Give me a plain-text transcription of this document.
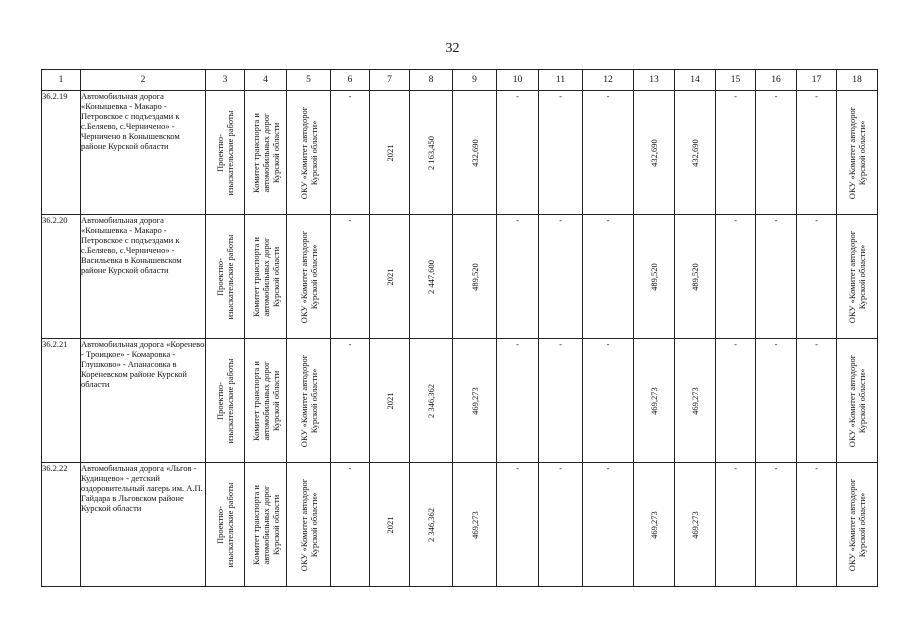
32
1	2	3	4	5	6	7	8	9	10	11	12	13	14	15	16	17	18
36.2.19	Автомобильная дорога «Конышевка - Макаро - Петровское с подъездами к с.Беляево, с.Черничено» - Черничено в Конышевском районе Курской области	Проектно-изыскательские работы	Комитет транспорта и автомобильных дорог Курской области	ОКУ «Комитет автодорог Курской области»	-	2021	2 163,450	432,690	-	-	-	432,690	432,690	-	-	-	ОКУ «Комитет автодорог Курской области»

36.2.20	Автомобильная дорога «Конышевка - Макаро - Петровское с подъездами к с.Беляево, с.Черничено» - Васильевка в Конышевском районе Курской области	Проектно-изыскательские работы	Комитет транспорта и автомобильных дорог Курской области	ОКУ «Комитет автодорог Курской области»	-	2021	2 447,600	489,520	-	-	-	489,520	489,520	-	-	-	ОКУ «Комитет автодорог Курской области»

36.2.21	Автомобильная дорога «Коренево - Троицкое» - Комаровка - Глушково» - Апанасовка в Кореневском районе Курской области	Проектно-изыскательские работы	Комитет транспорта и автомобильных дорог Курской области	ОКУ «Комитет автодорог Курской области»	-	2021	2 346,362	469,273	-	-	-	469,273	469,273	-	-	-	ОКУ «Комитет автодорог Курской области»

36.2.22	Автомобильная дорога «Льгов - Кудинцево» - детский оздоровительный лагерь им. А.П. Гайдара в Льговском районе Курской области	Проектно-изыскательские работы	Комитет транспорта и автомобильных дорог Курской области	ОКУ «Комитет автодорог Курской области»	-	2021	2 346,362	469,273	-	-	-	469,273	469,273	-	-	-	ОКУ «Комитет автодорог Курской области»
